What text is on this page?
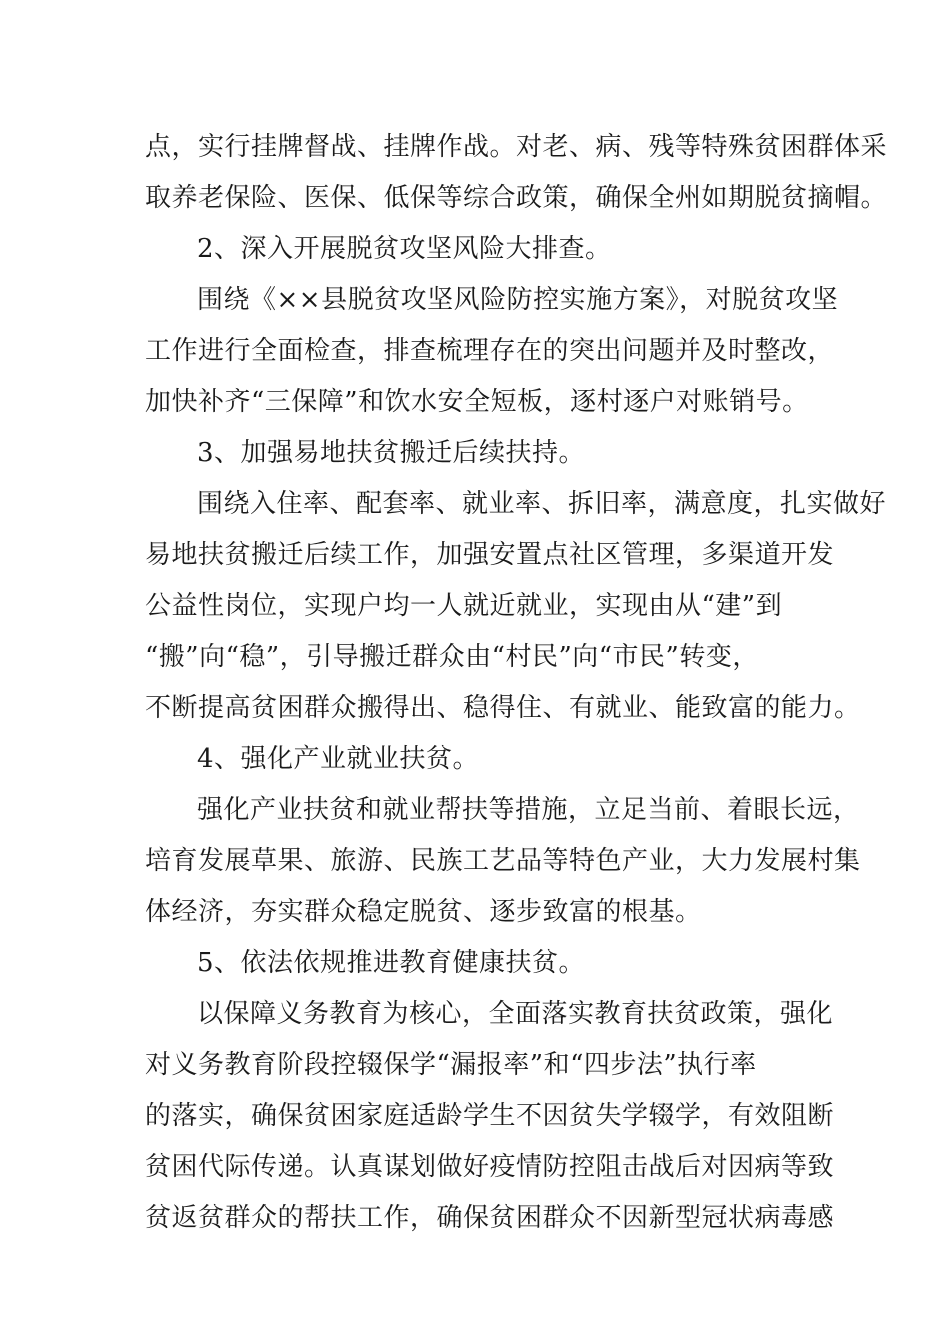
点，实行挂牌督战、挂牌作战。对老、病、残等特殊贫困群体采
取养老保险、医保、低保等综合政策，确保全州如期脱贫摘帽。
2、深入开展脱贫攻坚风险大排查。
围绕《××县脱贫攻坚风险防控实施方案》，对脱贫攻坚
工作进行全面检查，排查梳理存在的突出问题并及时整改，
加快补齐“三保障”和饮水安全短板，逐村逐户对账销号。
3、加强易地扶贫搬迁后续扶持。
围绕入住率、配套率、就业率、拆旧率，满意度，扎实做好
易地扶贫搬迁后续工作，加强安置点社区管理，多渠道开发
公益性岗位，实现户均一人就近就业，实现由从“建”到
“搬”向“稳”，引导搬迁群众由“村民”向“市民”转变，
不断提高贫困群众搬得出、稳得住、有就业、能致富的能力。
4、强化产业就业扶贫。
强化产业扶贫和就业帮扶等措施，立足当前、着眼长远，
培育发展草果、旅游、民族工艺品等特色产业，大力发展村集
体经济，夯实群众稳定脱贫、逐步致富的根基。
5、依法依规推进教育健康扶贫。
以保障义务教育为核心，全面落实教育扶贫政策，强化
对义务教育阶段控辍保学“漏报率”和“四步法”执行率
的落实，确保贫困家庭适龄学生不因贫失学辍学，有效阻断
贫困代际传递。认真谋划做好疫情防控阻击战后对因病等致
贫返贫群众的帮扶工作，确保贫困群众不因新型冠状病毒感
